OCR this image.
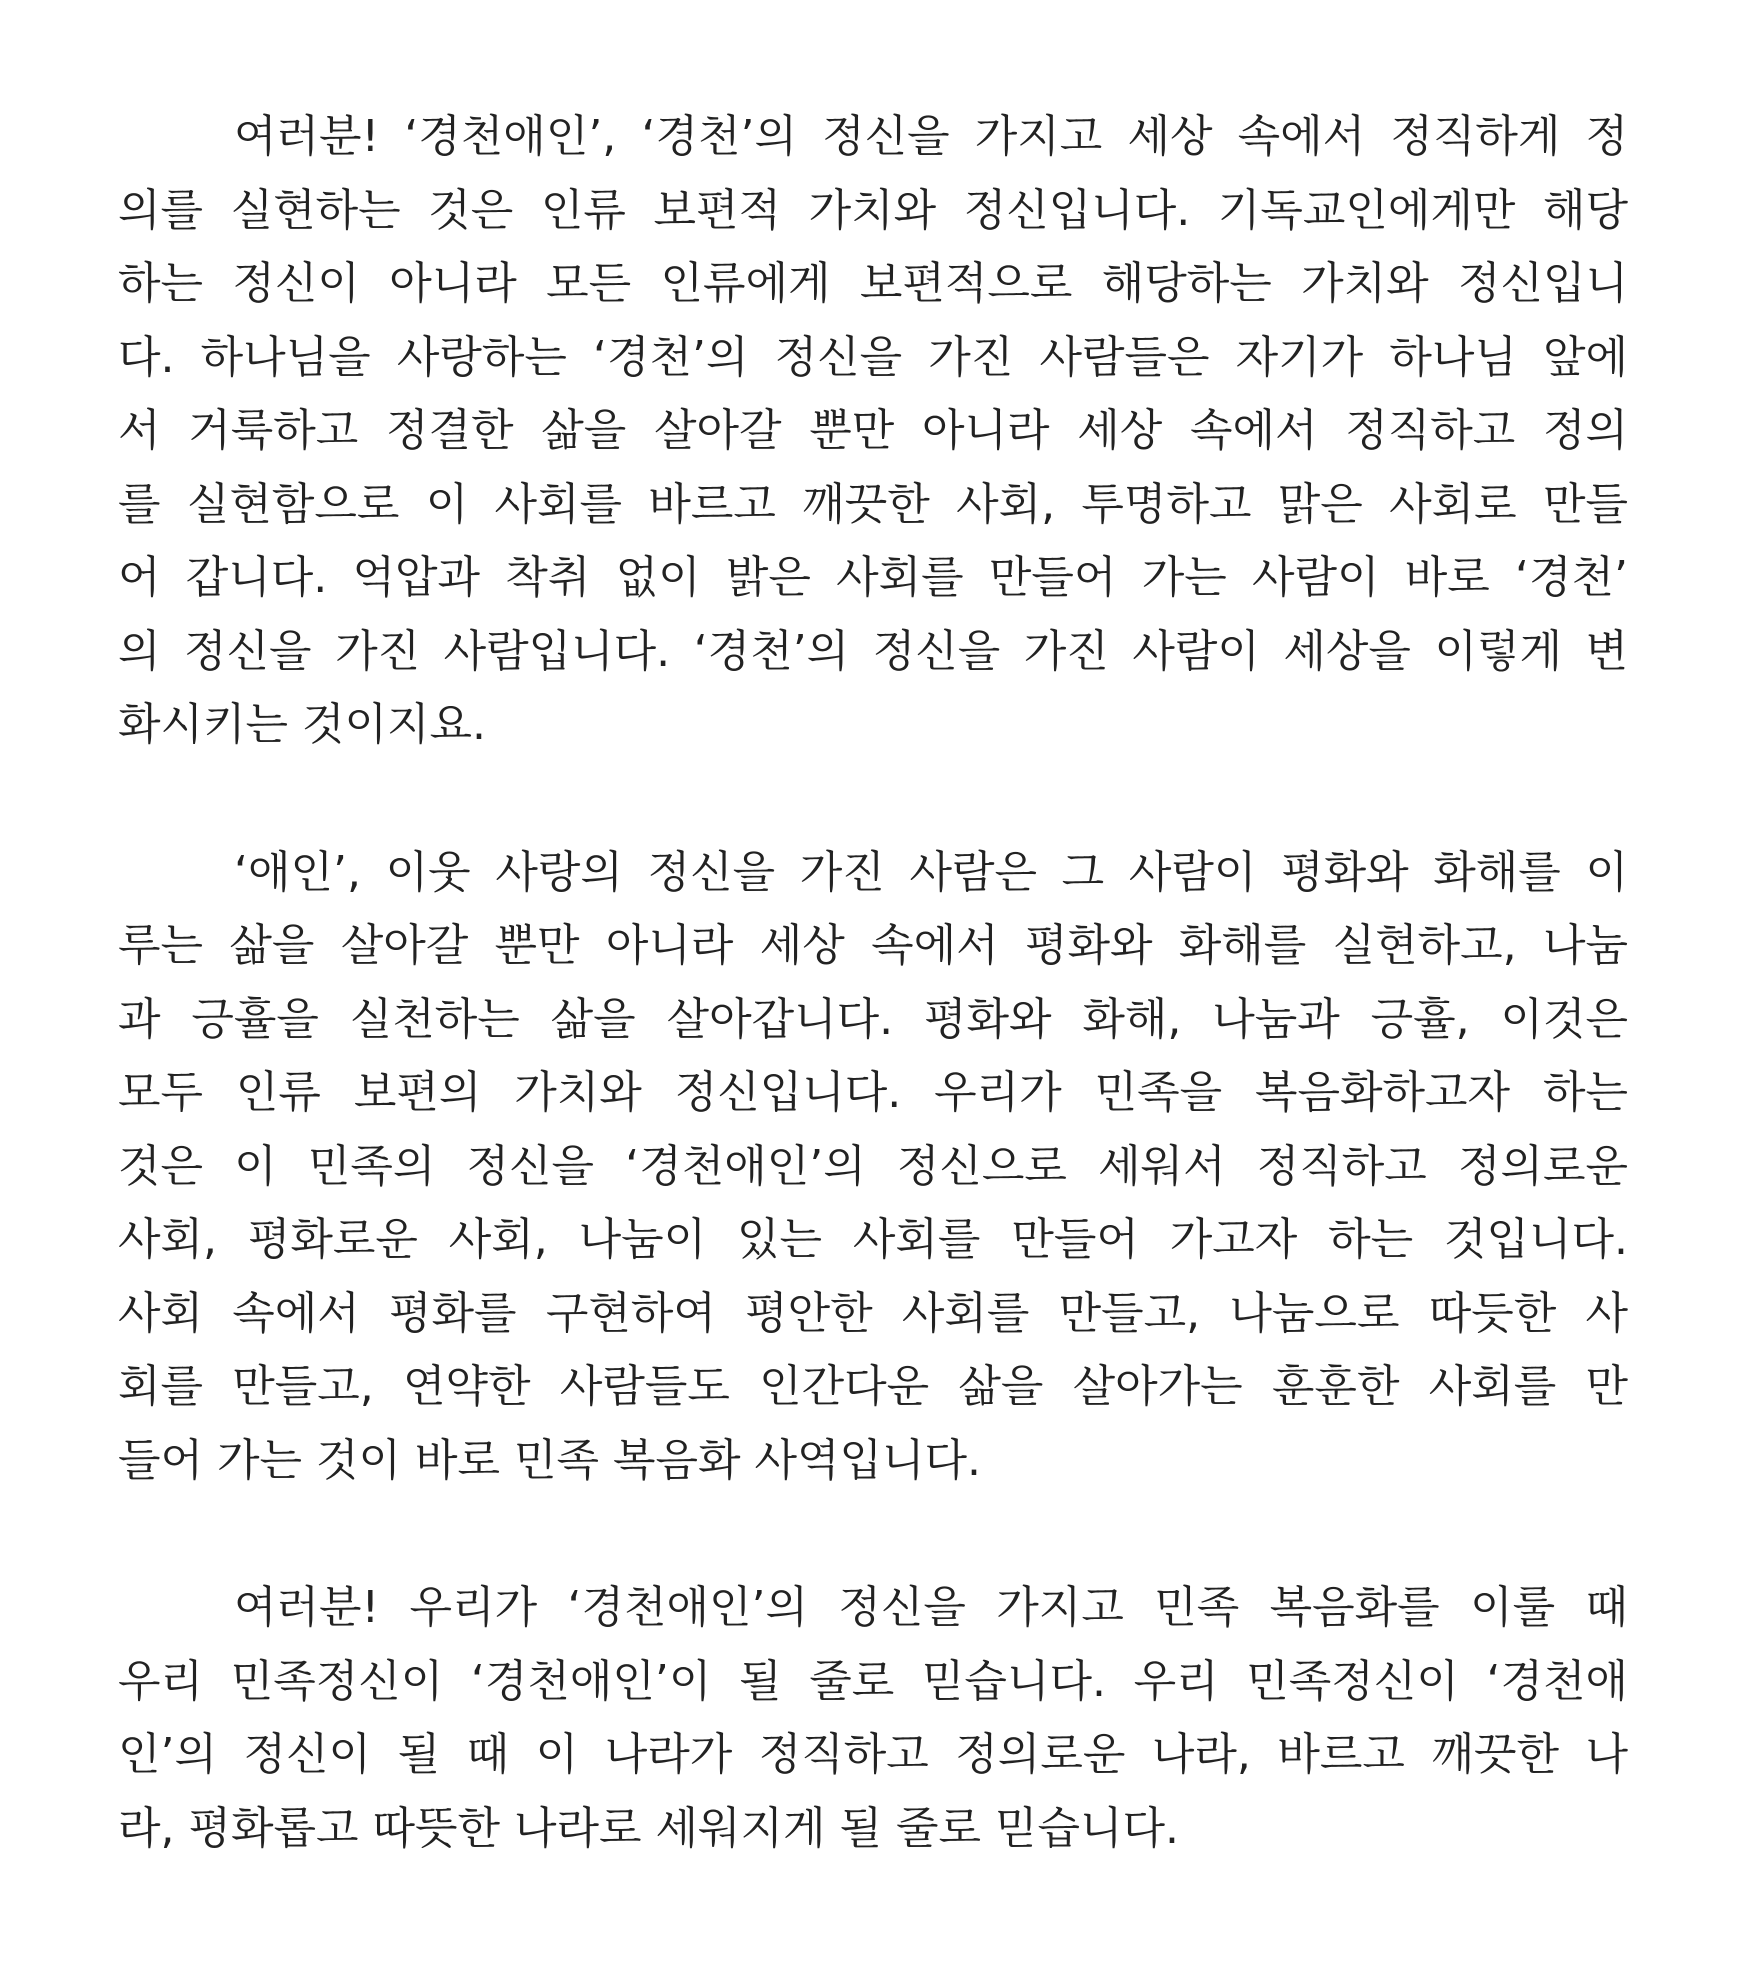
여러분! ‘경천애인’, ‘경천’의 정신을 가지고 세상 속에서 정직하게 정
의를 실현하는 것은 인류 보편적 가치와 정신입니다. 기독교인에게만 해당
하는 정신이 아니라 모든 인류에게 보편적으로 해당하는 가치와 정신입니
다. 하나님을 사랑하는 ‘경천’의 정신을 가진 사람들은 자기가 하나님 앞에
서 거룩하고 정결한 삶을 살아갈 뿐만 아니라 세상 속에서 정직하고 정의
를 실현함으로 이 사회를 바르고 깨끗한 사회, 투명하고 맑은 사회로 만들
어 갑니다. 억압과 착취 없이 밝은 사회를 만들어 가는 사람이 바로 ‘경천’
의 정신을 가진 사람입니다. ‘경천’의 정신을 가진 사람이 세상을 이렇게 변
화시키는 것이지요.
‘애인’, 이웃 사랑의 정신을 가진 사람은 그 사람이 평화와 화해를 이
루는 삶을 살아갈 뿐만 아니라 세상 속에서 평화와 화해를 실현하고, 나눔
과 긍휼을 실천하는 삶을 살아갑니다. 평화와 화해, 나눔과 긍휼, 이것은
모두 인류 보편의 가치와 정신입니다. 우리가 민족을 복음화하고자 하는
것은 이 민족의 정신을 ‘경천애인’의 정신으로 세워서 정직하고 정의로운
사회, 평화로운 사회, 나눔이 있는 사회를 만들어 가고자 하는 것입니다.
사회 속에서 평화를 구현하여 평안한 사회를 만들고, 나눔으로 따듯한 사
회를 만들고, 연약한 사람들도 인간다운 삶을 살아가는 훈훈한 사회를 만
들어 가는 것이 바로 민족 복음화 사역입니다.
여러분! 우리가 ‘경천애인’의 정신을 가지고 민족 복음화를 이룰 때
우리 민족정신이 ‘경천애인’이 될 줄로 믿습니다. 우리 민족정신이 ‘경천애
인’의 정신이 될 때 이 나라가 정직하고 정의로운 나라, 바르고 깨끗한 나
라, 평화롭고 따뜻한 나라로 세워지게 될 줄로 믿습니다.
